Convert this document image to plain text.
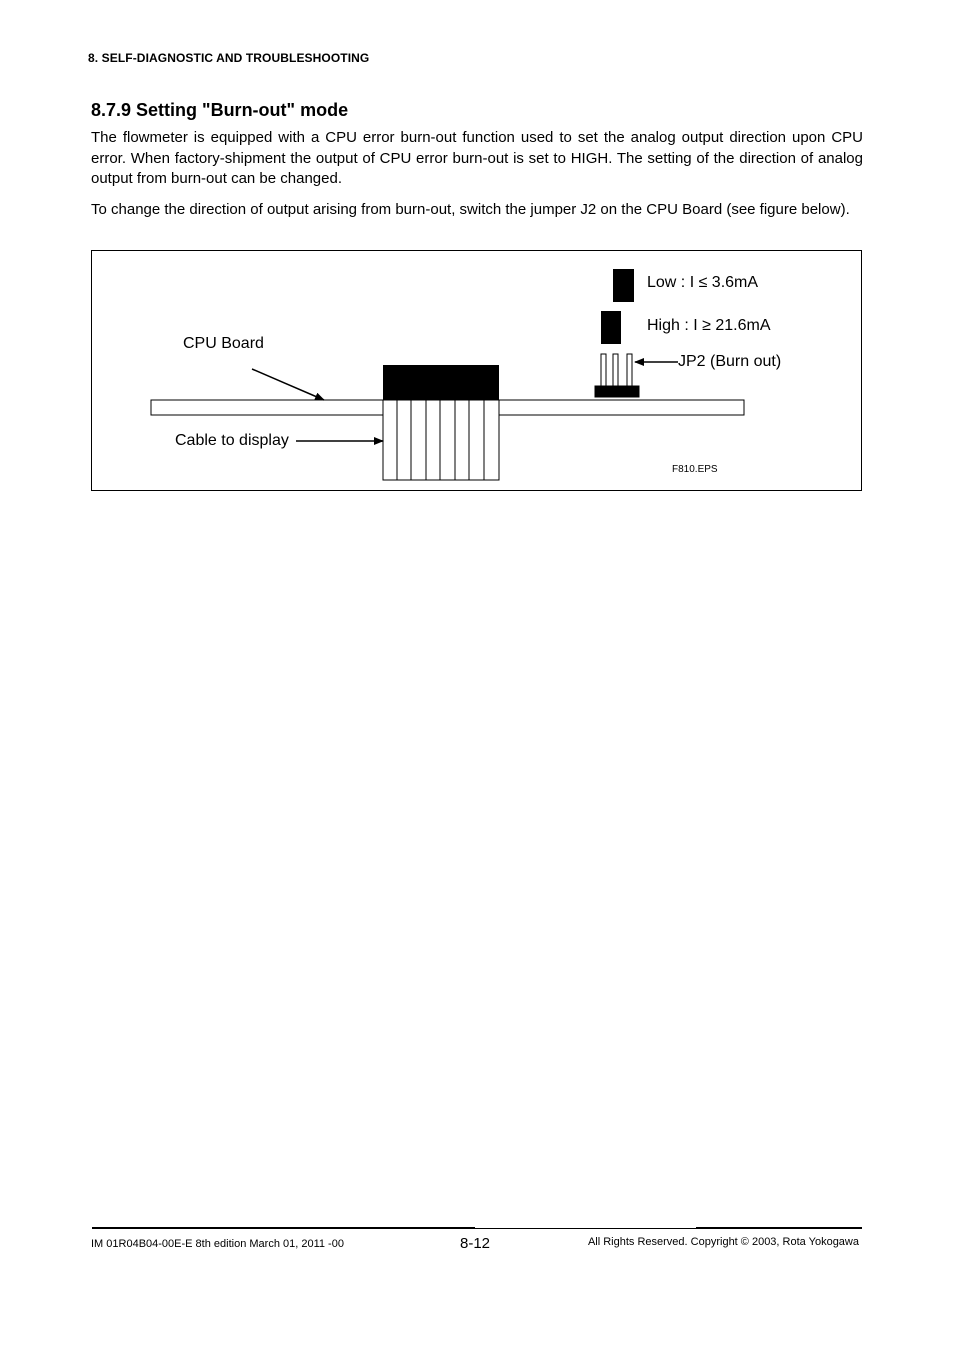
8. SELF-DIAGNOSTIC AND TROUBLESHOOTING
8.7.9 Setting "Burn-out" mode
The flowmeter is equipped with a CPU error burn-out function used to set the analog output direction upon CPU error. When factory-shipment the output of CPU error burn-out is set to HIGH. The setting of the direction of analog output from burn-out can be changed.
To change the direction of output arising from burn-out, switch the jumper J2 on the CPU Board (see figure below).
Low : I ≤ 3.6mA
High : I ≥ 21.6mA
CPU Board
JP2 (Burn out)
Cable to display
F810.EPS
IM 01R04B04-00E-E 8th edition March 01, 2011 -00	8-12	All Rights Reserved. Copyright © 2003, Rota Yokogawa
